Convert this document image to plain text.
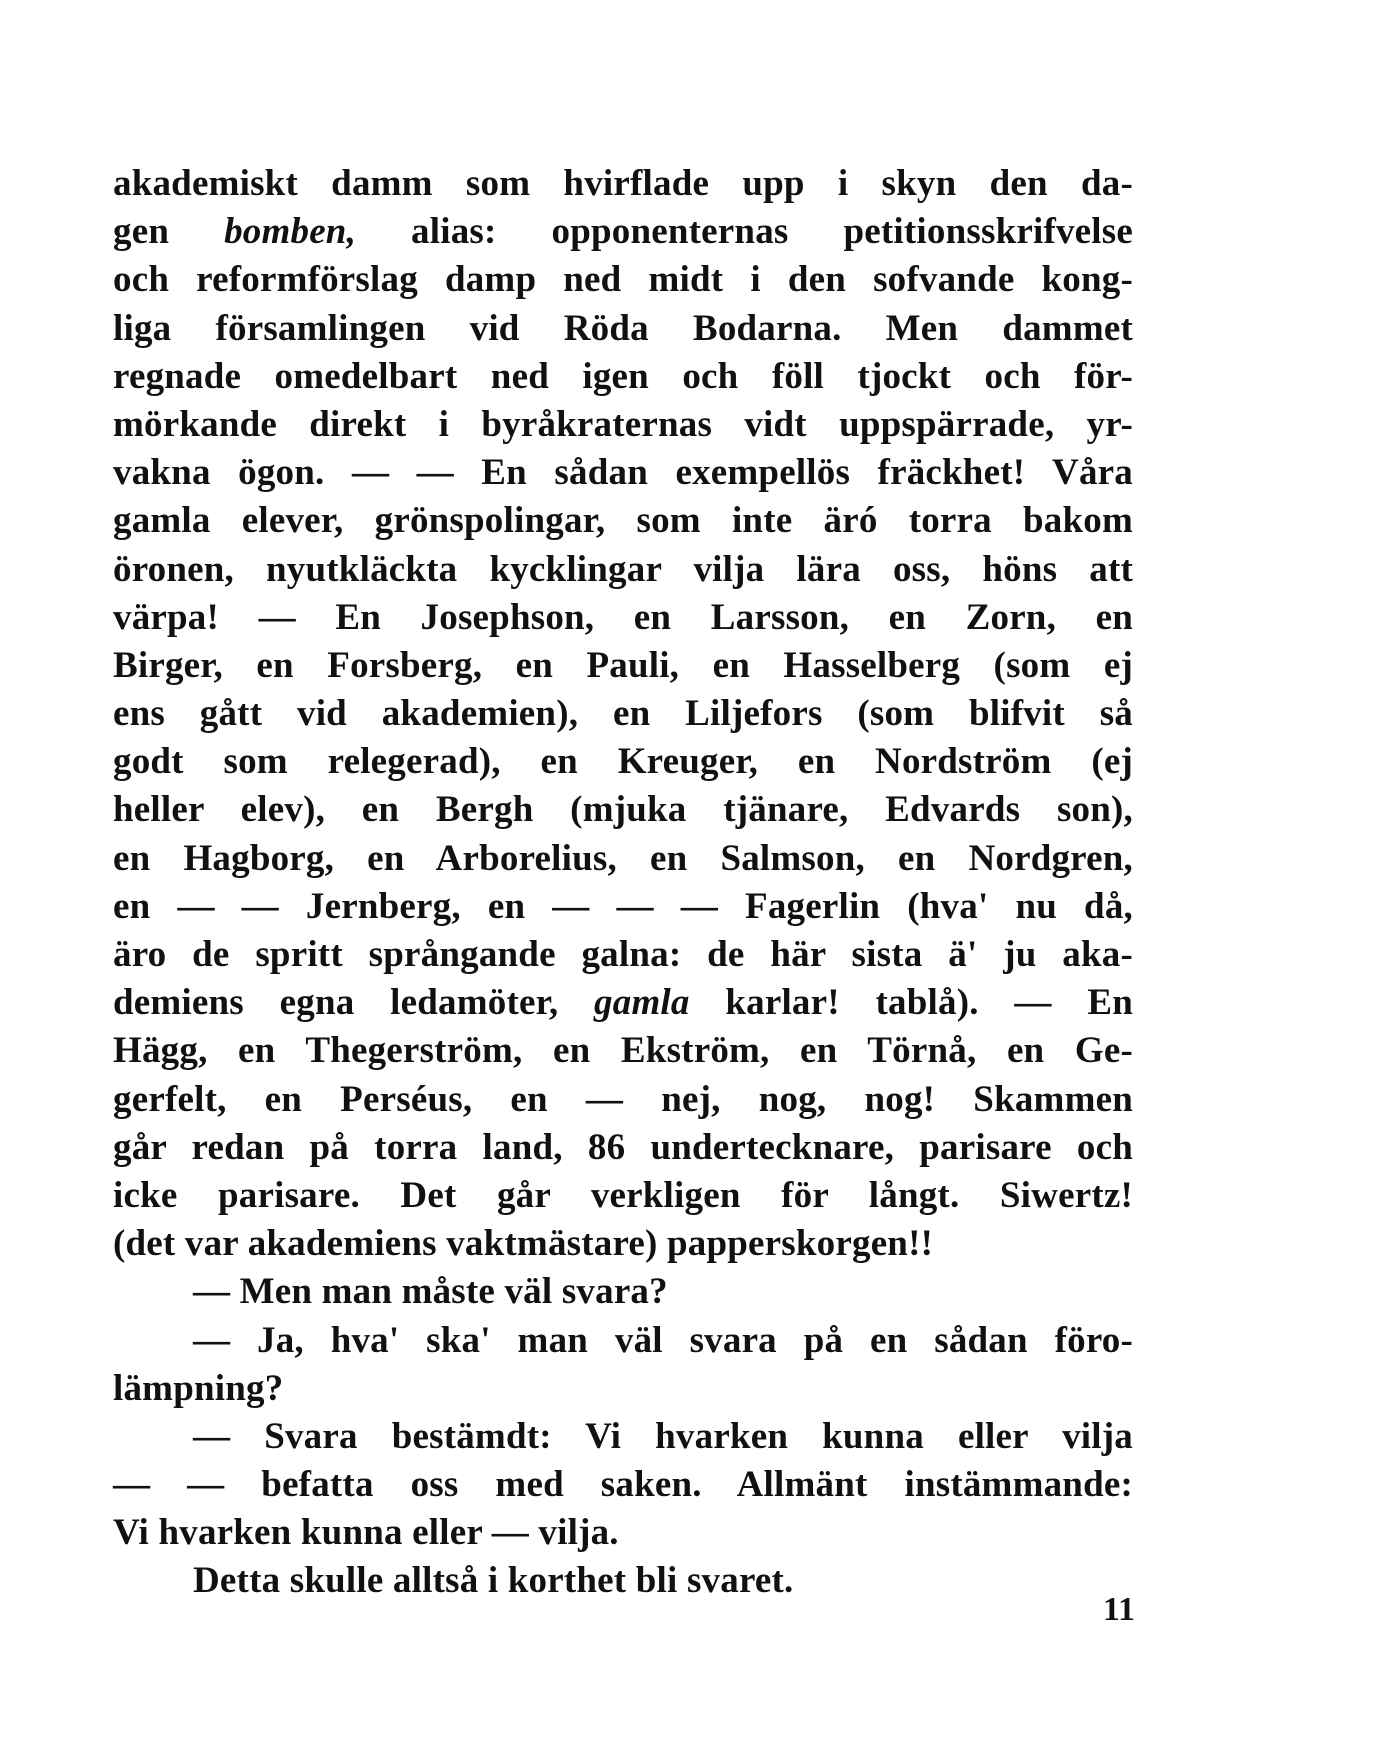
akademiskt damm som hvirflade upp i skyn den da-
gen bomben, alias: opponenternas petitionsskrifvelse
och reformförslag damp ned midt i den sofvande kong-
liga församlingen vid Röda Bodarna. Men dammet
regnade omedelbart ned igen och föll tjockt och för-
mörkande direkt i byråkraternas vidt uppspärrade, yr-
vakna ögon. — — En sådan exempellös fräckhet! Våra
gamla elever, grönspolingar, som inte äró torra bakom
öronen, nyutkläckta kycklingar vilja lära oss, höns att
värpa! — En Josephson, en Larsson, en Zorn, en
Birger, en Forsberg, en Pauli, en Hasselberg (som ej
ens gått vid akademien), en Liljefors (som blifvit så
godt som relegerad), en Kreuger, en Nordström (ej
heller elev), en Bergh (mjuka tjänare, Edvards son),
en Hagborg, en Arborelius, en Salmson, en Nordgren,
en — — Jernberg, en — — — Fagerlin (hva' nu då,
äro de spritt språngande galna: de här sista ä' ju aka-
demiens egna ledamöter, gamla karlar! tablå). — En
Hägg, en Thegerström, en Ekström, en Törnå, en Ge-
gerfelt, en Perséus, en — nej, nog, nog! Skammen
går redan på torra land, 86 undertecknare, parisare och
icke parisare. Det går verkligen för långt. Siwertz!
(det var akademiens vaktmästare) papperskorgen!!
— Men man måste väl svara?
— Ja, hva' ska' man väl svara på en sådan föro-
lämpning?
— Svara bestämdt: Vi hvarken kunna eller vilja
— — befatta oss med saken. Allmänt instämmande:
Vi hvarken kunna eller — vilja.
Detta skulle alltså i korthet bli svaret.
11
